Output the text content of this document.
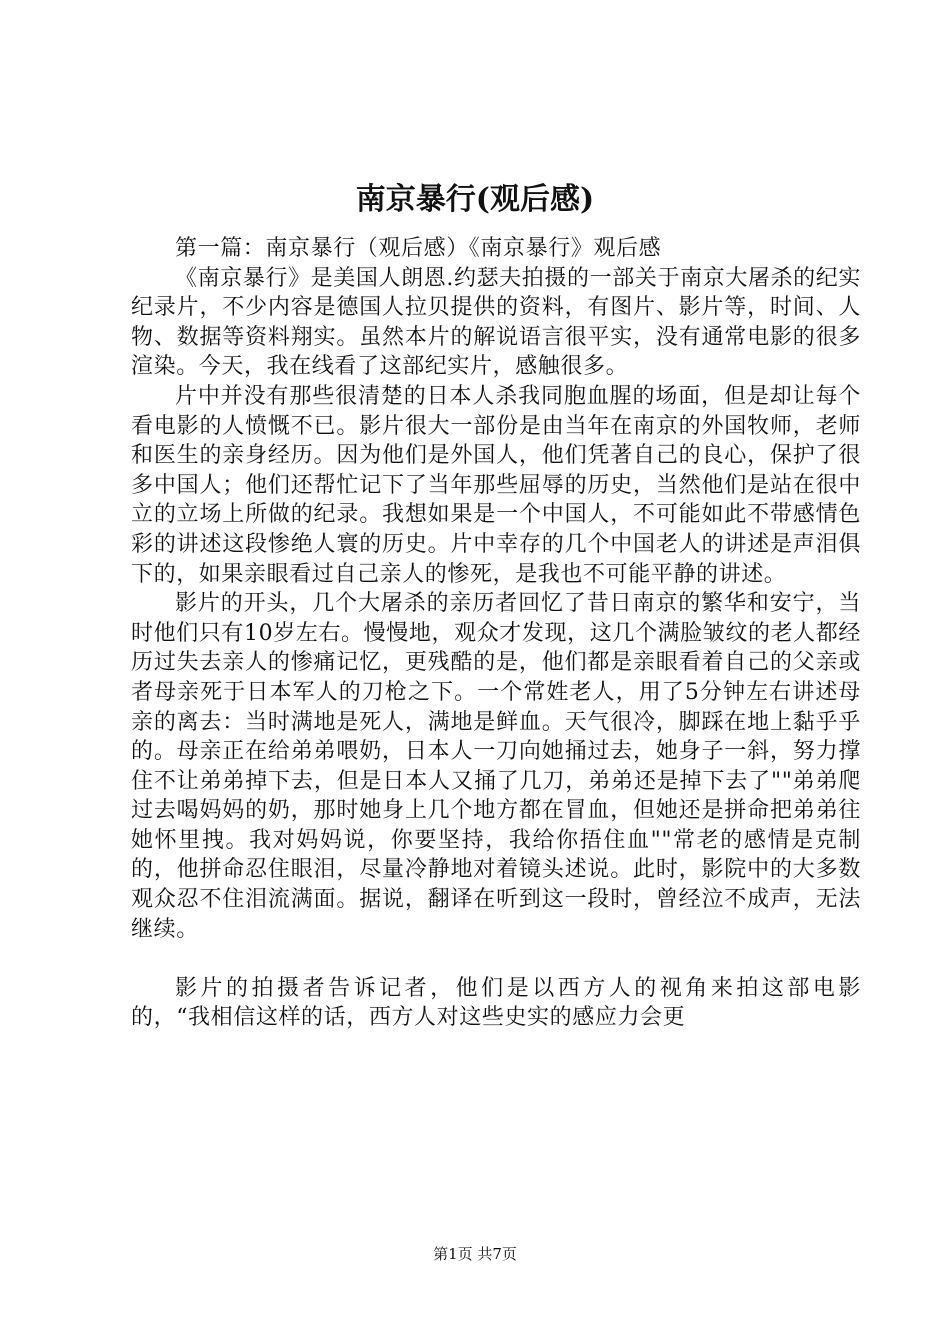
南京暴行(观后感)

第一篇：南京暴行（观后感）《南京暴行》观后感

《南京暴行》是美国人朗恩.约瑟夫拍摄的一部关于南京大屠杀的纪实纪录片，不少内容是德国人拉贝提供的资料，有图片、影片等，时间、人物、数据等资料翔实。虽然本片的解说语言很平实，没有通常电影的很多渲染。今天，我在线看了这部纪实片，感触很多。

片中并没有那些很清楚的日本人杀我同胞血腥的场面，但是却让每个看电影的人愤慨不已。影片很大一部份是由当年在南京的外国牧师，老师和医生的亲身经历。因为他们是外国人，他们凭著自己的良心，保护了很多中国人；他们还帮忙记下了当年那些屈辱的历史，当然他们是站在很中立的立场上所做的纪录。我想如果是一个中国人，不可能如此不带感情色彩的讲述这段惨绝人寰的历史。片中幸存的几个中国老人的讲述是声泪俱下的，如果亲眼看过自己亲人的惨死，是我也不可能平静的讲述。

影片的开头，几个大屠杀的亲历者回忆了昔日南京的繁华和安宁，当时他们只有10岁左右。慢慢地，观众才发现，这几个满脸皱纹的老人都经历过失去亲人的惨痛记忆，更残酷的是，他们都是亲眼看着自己的父亲或者母亲死于日本军人的刀枪之下。一个常姓老人，用了5分钟左右讲述母亲的离去：当时满地是死人，满地是鲜血。天气很冷，脚踩在地上黏乎乎的。母亲正在给弟弟喂奶，日本人一刀向她捅过去，她身子一斜，努力撑住不让弟弟掉下去，但是日本人又捅了几刀，弟弟还是掉下去了""弟弟爬过去喝妈妈的奶，那时她身上几个地方都在冒血，但她还是拼命把弟弟往她怀里拽。我对妈妈说，你要坚持，我给你捂住血""常老的感情是克制的，他拼命忍住眼泪，尽量冷静地对着镜头述说。此时，影院中的大多数观众忍不住泪流满面。据说，翻译在听到这一段时，曾经泣不成声，无法继续。

影片的拍摄者告诉记者，他们是以西方人的视角来拍这部电影的，“我相信这样的话，西方人对这些史实的感应力会更

第1页 共7页
